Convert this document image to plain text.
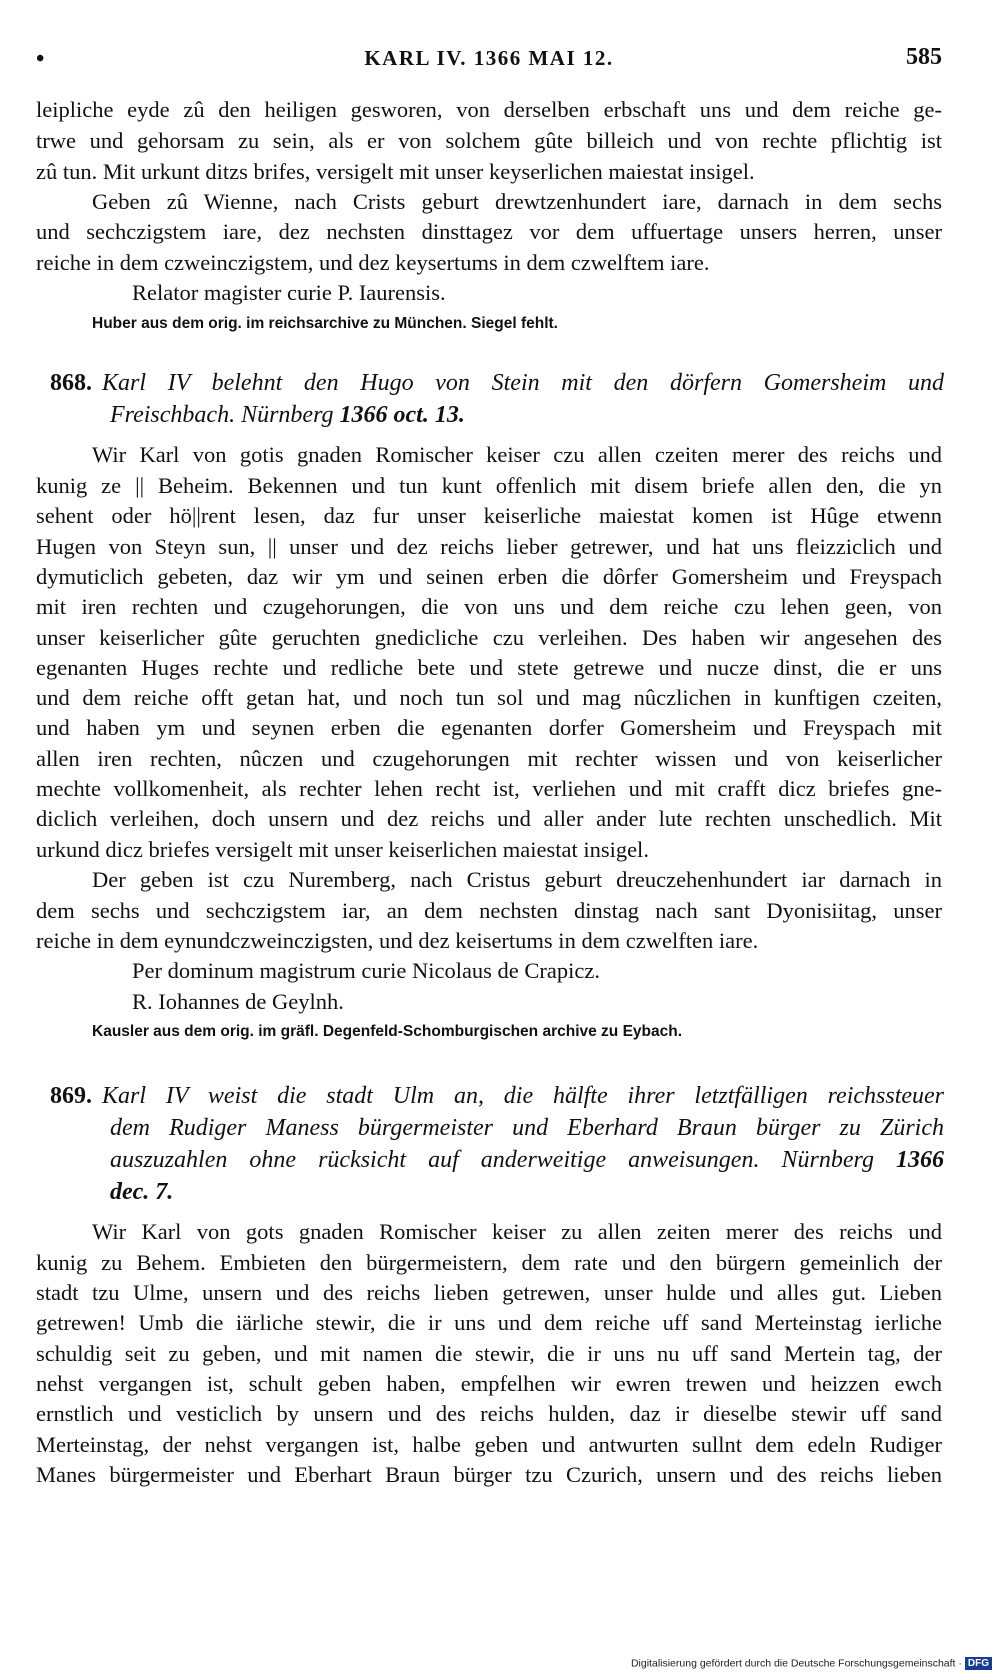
•	KARL IV. 1366 MAI 12.	585
leipliche eyde zû den heiligen gesworen, von derselben erbschaft uns und dem reiche ge-
trwe und gehorsam zu sein, als er von solchem gûte billeich und von rechte pflichtig ist
zû tun. Mit urkunt ditzs brifes, versigelt mit unser keyserlichen maiestat insigel.
Geben zû Wienne, nach Crists geburt drewtzenhundert iare, darnach in dem sechs
und sechczigstem iare, dez nechsten dinsttagez vor dem uffuertage unsers herren, unser
reiche in dem czweinczigstem, und dez keysertums in dem czwelftem iare.
Relator magister curie P. Iaurensis.
Huber aus dem orig. im reichsarchive zu München. Siegel fehlt.
868. Karl IV belehnt den Hugo von Stein mit den dörfern Gomersheim und
Freischbach. Nürnberg 1366 oct. 13.
Wir Karl von gotis gnaden Romischer keiser czu allen czeiten merer des reichs und
kunig ze || Beheim. Bekennen und tun kunt offenlich mit disem briefe allen den, die yn
sehent oder hö||rent lesen, daz fur unser keiserliche maiestat komen ist Hûge etwenn
Hugen von Steyn sun, || unser und dez reichs lieber getrewer, und hat uns fleizziclich und
dymuticlich gebeten, daz wir ym und seinen erben die dôrfer Gomersheim und Freyspach
mit iren rechten und czugehorungen, die von uns und dem reiche czu lehen geen, von
unser keiserlicher gûte geruchten gnedicliche czu verleihen. Des haben wir angesehen des
egenanten Huges rechte und redliche bete und stete getrewe und nucze dinst, die er uns
und dem reiche offt getan hat, und noch tun sol und mag nûczlichen in kunftigen czeiten,
und haben ym und seynen erben die egenanten dorfer Gomersheim und Freyspach mit
allen iren rechten, nûczen und czugehorungen mit rechter wissen und von keiserlicher
mechte vollkomenheit, als rechter lehen recht ist, verliehen und mit crafft dicz briefes gne-
diclich verleihen, doch unsern und dez reichs und aller ander lute rechten unschedlich. Mit
urkund dicz briefes versigelt mit unser keiserlichen maiestat insigel.
Der geben ist czu Nuremberg, nach Cristus geburt dreuczehenhundert iar darnach in
dem sechs und sechczigstem iar, an dem nechsten dinstag nach sant Dyonisiitag, unser
reiche in dem eynundczweinczigsten, und dez keisertums in dem czwelften iare.
Per dominum magistrum curie Nicolaus de Crapicz.
R. Iohannes de Geylnh.
Kausler aus dem orig. im gräfl. Degenfeld-Schomburgischen archive zu Eybach.
869. Karl IV weist die stadt Ulm an, die hälfte ihrer letztfälligen reichssteuer
dem Rudiger Maness bürgermeister und Eberhard Braun bürger zu Zürich
auszuzahlen ohne rücksicht auf anderweitige anweisungen. Nürnberg 1366
dec. 7.
Wir Karl von gots gnaden Romischer keiser zu allen zeiten merer des reichs und
kunig zu Behem. Embieten den bürgermeistern, dem rate und den bürgern gemeinlich der
stadt tzu Ulme, unsern und des reichs lieben getrewen, unser hulde und alles gut. Lieben
getrewen! Umb die iärliche stewir, die ir uns und dem reiche uff sand Merteinstag ierliche
schuldig seit zu geben, und mit namen die stewir, die ir uns nu uff sand Mertein tag, der
nehst vergangen ist, schult geben haben, empfelhen wir ewren trewen und heizzen ewch
ernstlich und vesticlich by unsern und des reichs hulden, daz ir dieselbe stewir uff sand
Merteinstag, der nehst vergangen ist, halbe geben und antwurten sullnt dem edeln Rudiger
Manes bürgermeister und Eberhart Braun bürger tzu Czurich, unsern und des reichs lieben
Digitalisierung gefördert durch die Deutsche Forschungsgemeinschaft · DFG
